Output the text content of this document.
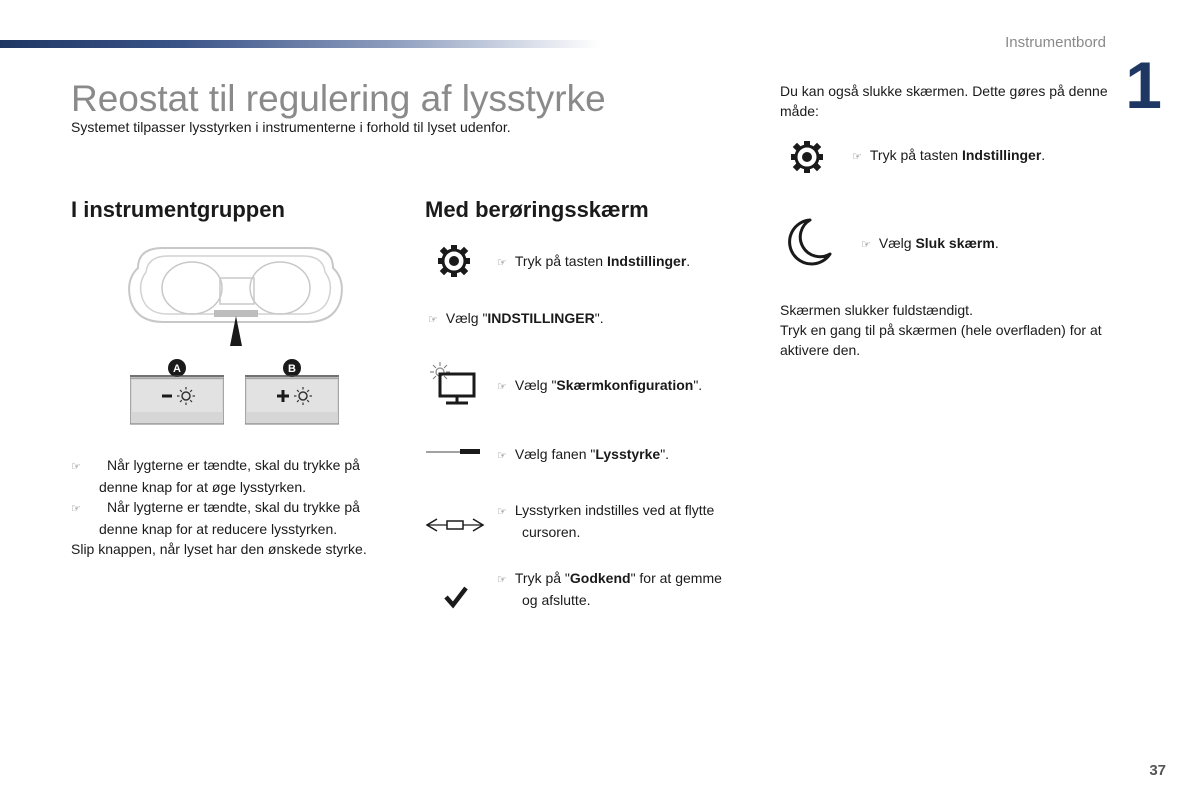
Instrumentbord
1
Reostat til regulering af lysstyrke
Systemet tilpasser lysstyrken i instrumenterne i forhold til lyset udenfor.
I instrumentgruppen
A	B
☞ Når lygterne er tændte, skal du trykke på denne knap for at øge lysstyrken.
☞ Når lygterne er tændte, skal du trykke på denne knap for at reducere lysstyrken.
Slip knappen, når lyset har den ønskede styrke.
Med berøringsskærm
☞ Tryk på tasten Indstillinger.
☞ Vælg "INDSTILLINGER".
☞ Vælg "Skærmkonfiguration".
☞ Vælg fanen "Lysstyrke".
☞ Lysstyrken indstilles ved at flytte
cursoren.
☞ Tryk på "Godkend" for at gemme
og afslutte.
Du kan også slukke skærmen. Dette gøres på denne måde:
☞ Tryk på tasten Indstillinger.
☞ Vælg Sluk skærm.
Skærmen slukker fuldstændigt.
Tryk en gang til på skærmen (hele overfladen) for at aktivere den.
37
